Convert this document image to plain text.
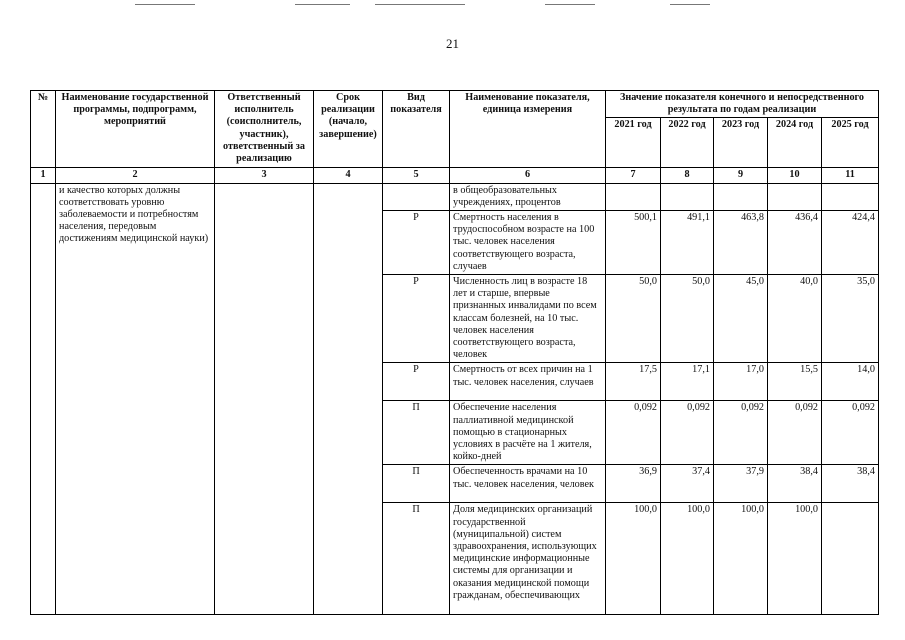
21
№	Наименование государственной программы, подпрограмм, мероприятий	Ответственный исполнитель (соисполнитель, участник), ответственный за реализацию	Срок реализации (начало, завершение)	Вид показателя	Наименование показателя, единица измерения	Значение показателя конечного и непосредственного результата по годам реализации				
						2021 год	2022 год	2023 год	2024 год	2025 год
1	2	3	4	5	6	7	8	9	10	11
	и качество которых должны соответствовать уровню заболеваемости и потребностям населения, передовым достижениям медицинской науки)				в общеобразовательных учреждениях, процентов					
				Р	Смертность населения в трудоспособном возрасте на 100 тыс. человек населения соответствующего возраста, случаев	500,1	491,1	463,8	436,4	424,4
				Р	Численность лиц в возрасте 18 лет и старше, впервые признанных инвалидами по всем классам болезней, на 10 тыс. человек населения соответствующего возраста, человек	50,0	50,0	45,0	40,0	35,0
				Р	Смертность от всех причин на 1 тыс. человек населения, случаев	17,5	17,1	17,0	15,5	14,0
				П	Обеспечение населения паллиативной медицинской помощью в стационарных условиях в расчёте на 1 жителя, койко-дней	0,092	0,092	0,092	0,092	0,092
				П	Обеспеченность врачами на 10 тыс. человек населения, человек	36,9	37,4	37,9	38,4	38,4
				П	Доля медицинских организаций государственной (муниципальной) систем здравоохранения, использующих медицинские информационные системы для организации и оказания медицинской помощи гражданам, обеспечивающих	100,0	100,0	100,0	100,0	
